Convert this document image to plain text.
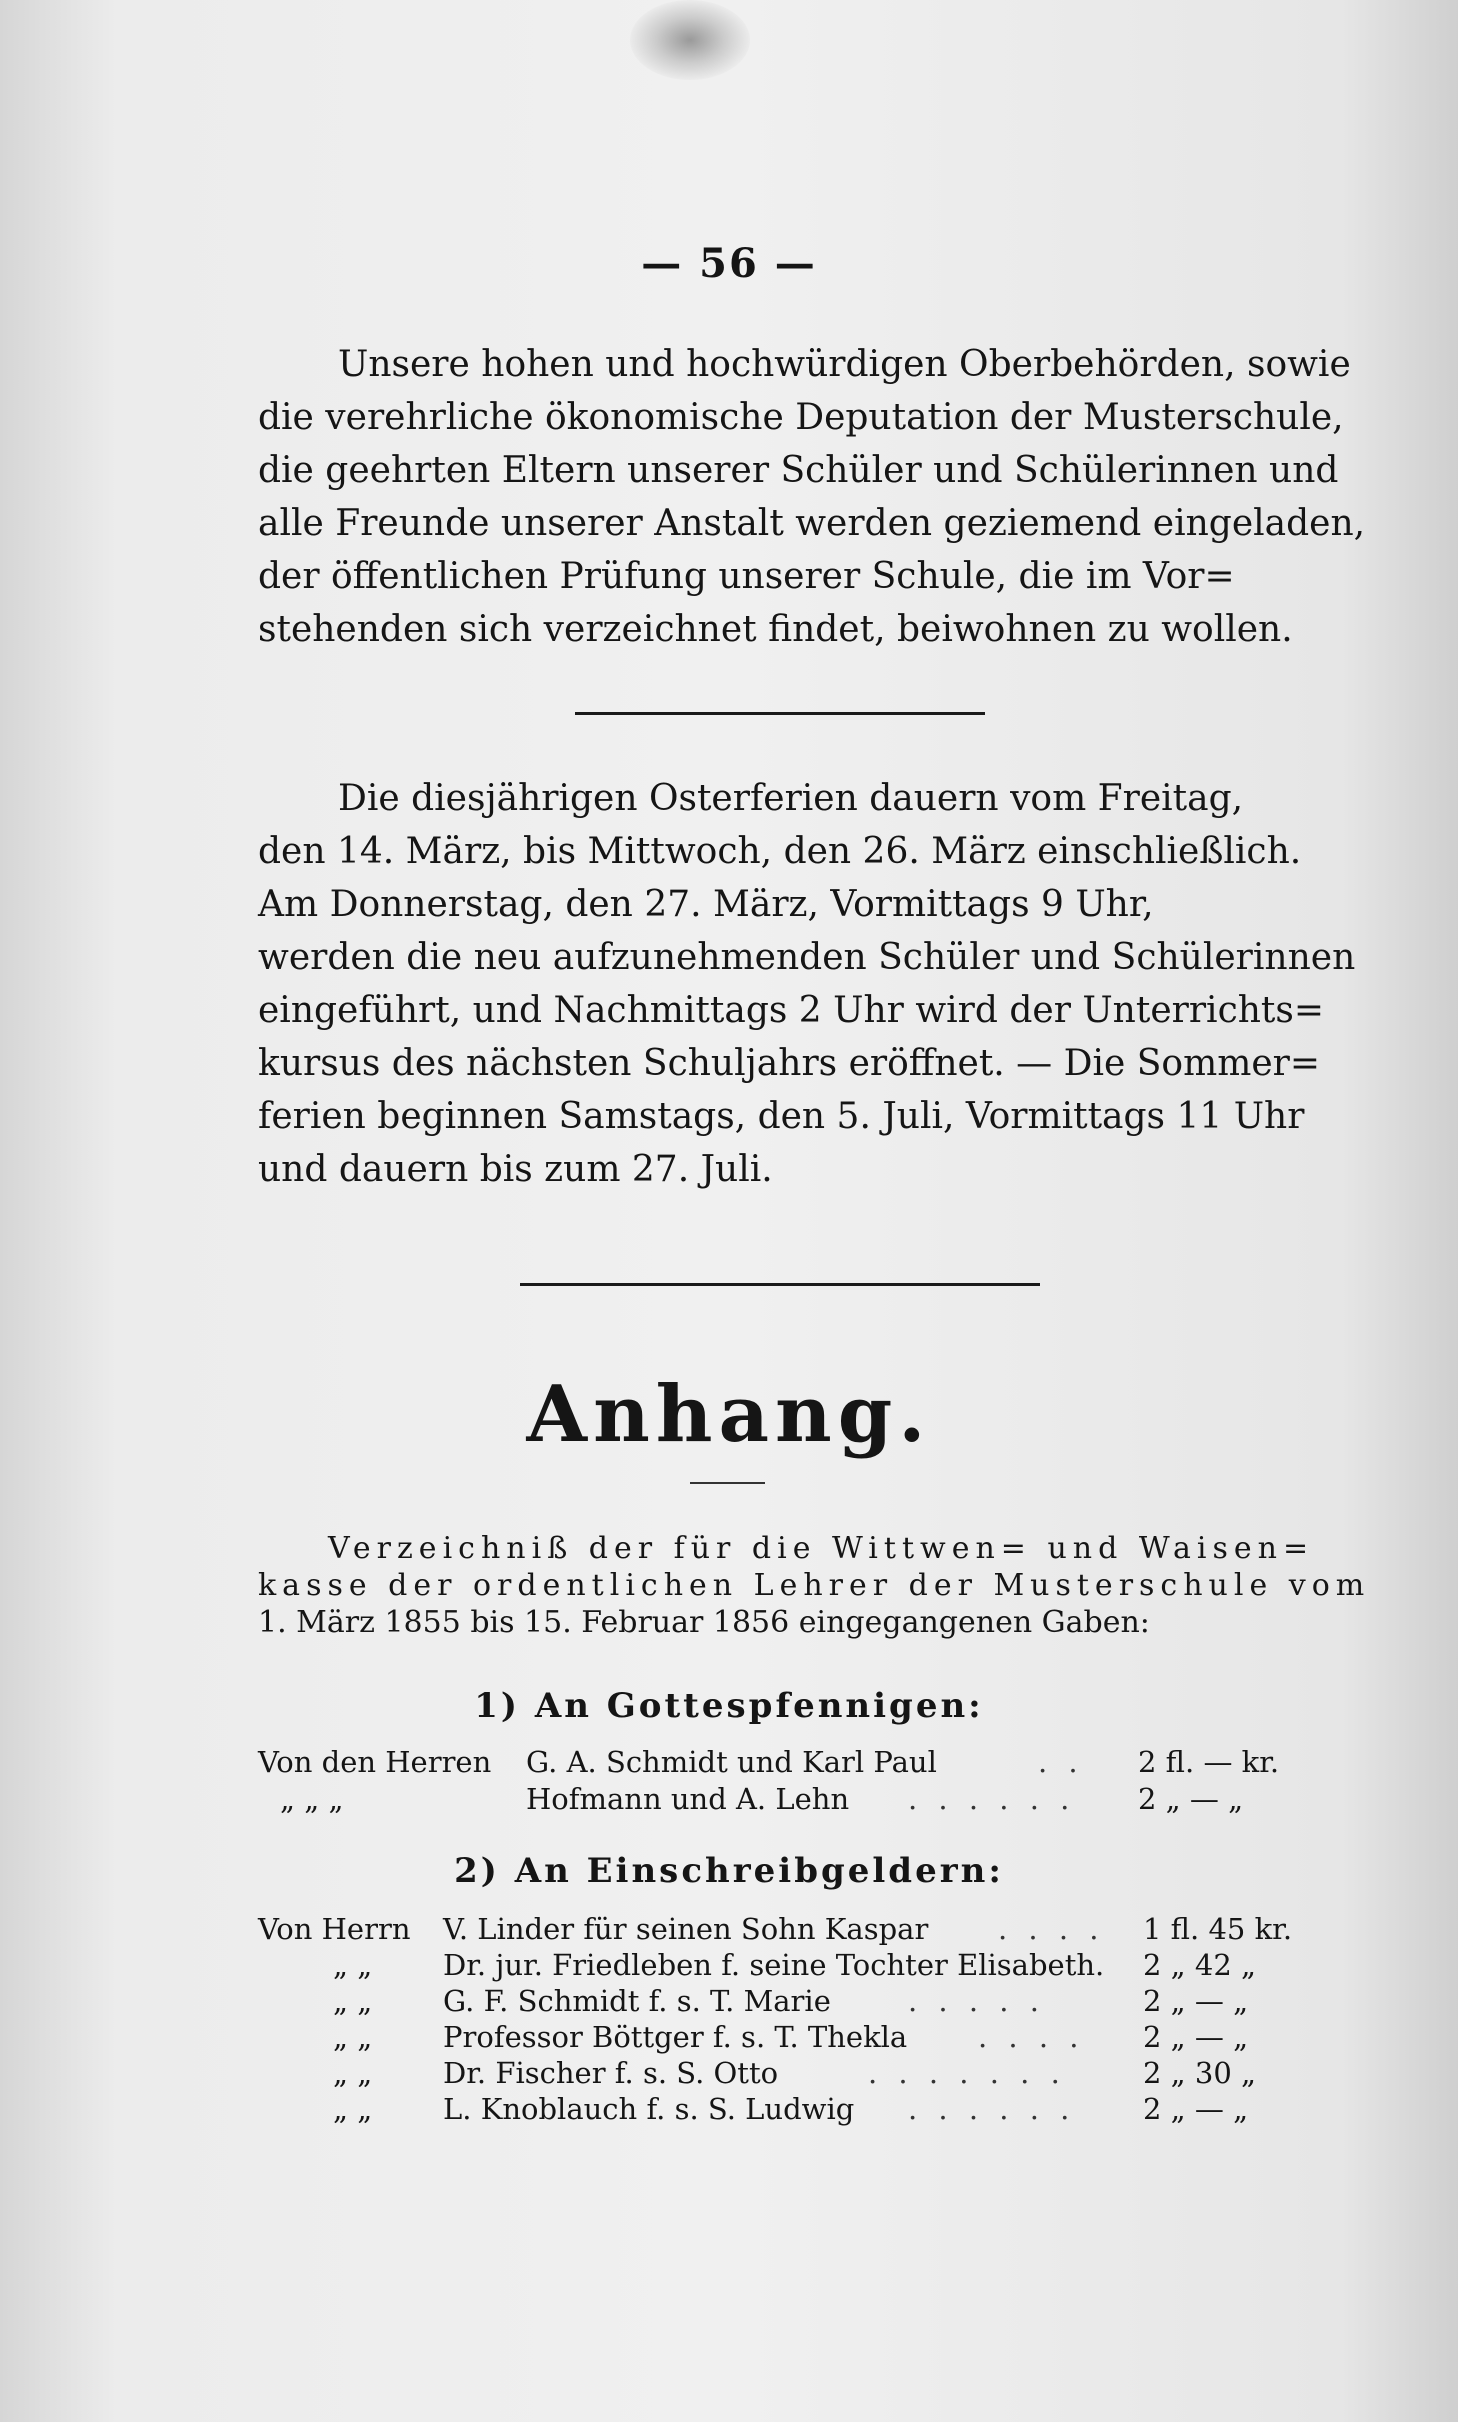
— 56 —
Unsere hohen und hochwürdigen Oberbehörden, sowie
die verehrliche ökonomische Deputation der Musterschule,
die geehrten Eltern unserer Schüler und Schülerinnen und
alle Freunde unserer Anstalt werden geziemend eingeladen,
der öffentlichen Prüfung unserer Schule, die im Vor=
stehenden sich verzeichnet findet, beiwohnen zu wollen.
Die diesjährigen Osterferien dauern vom Freitag,
den 14. März, bis Mittwoch, den 26. März einschließlich.
Am Donnerstag, den 27. März, Vormittags 9 Uhr,
werden die neu aufzunehmenden Schüler und Schülerinnen
eingeführt, und Nachmittags 2 Uhr wird der Unterrichts=
kursus des nächsten Schuljahrs eröffnet. — Die Sommer=
ferien beginnen Samstags, den 5. Juli, Vormittags 11 Uhr
und dauern bis zum 27. Juli.
Anhang.
Verzeichniß der für die Wittwen= und Waisen=
kasse der ordentlichen Lehrer der Musterschule vom
1. März 1855 bis 15. Februar 1856 eingegangenen Gaben:
1) An Gottespfennigen:
Von den Herren G. A. Schmidt und Karl Paul	. . 2 fl. — kr.
„ „ „	Hofmann und A. Lehn . . . . . . 2 „ — „
2) An Einschreibgeldern:
Von Herrn V. Linder für seinen Sohn Kaspar . . . . 1 fl. 45 kr.
„ „ Dr. jur. Friedleben f. seine Tochter Elisabeth. 2 „ 42 „
„ „ G. F. Schmidt f. s. T. Marie	. . . . .	2 „ — „
„ „ Professor Böttger f. s. T. Thekla . . . . 2 „ — „
„ „ Dr. Fischer f. s. S. Otto	. . . . . . .	2 „ 30 „
„ „ L. Knoblauch f. s. S. Ludwig . . . . . . 2 „ — „
